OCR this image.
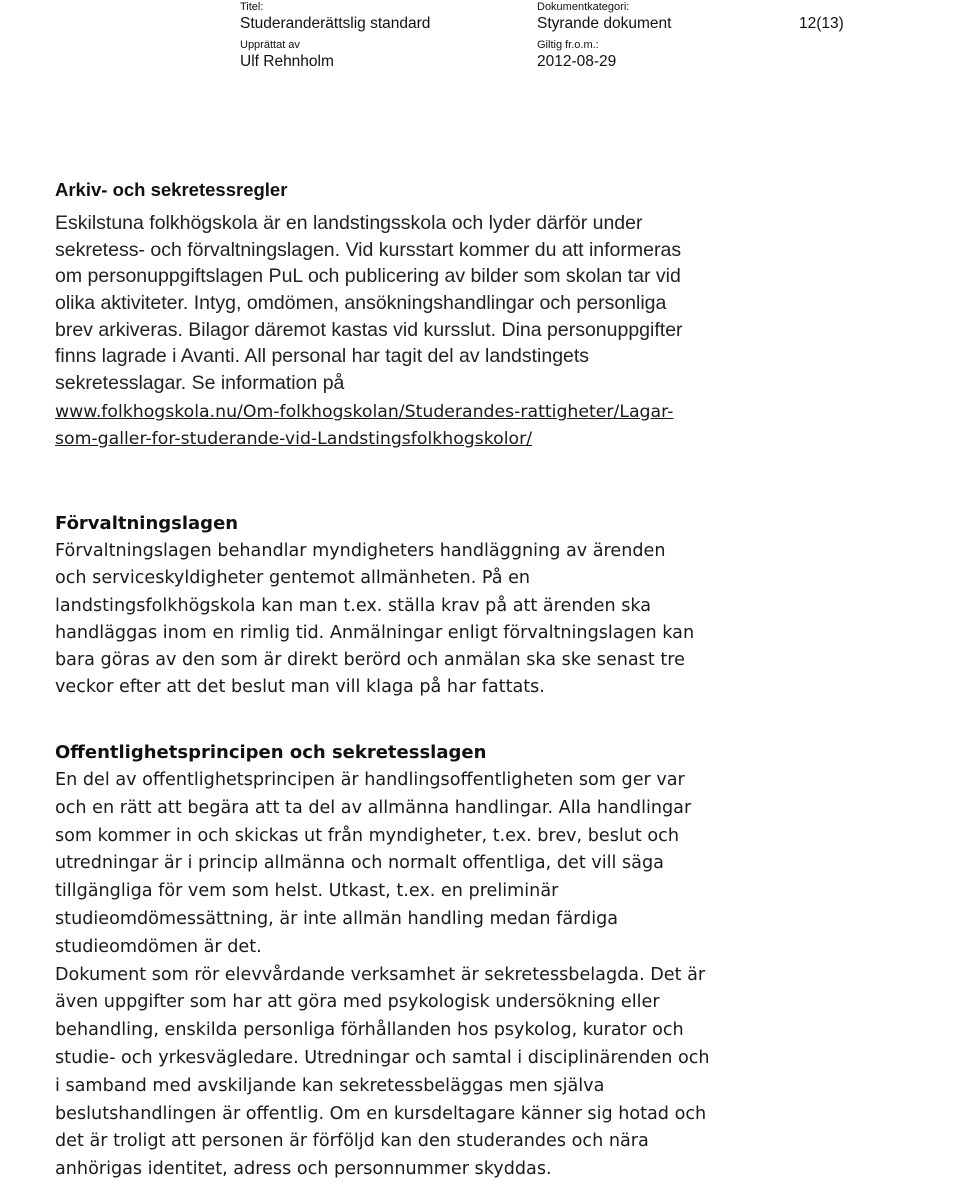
Titel:
Studeranderättslig standard
Dokumentkategori:
Styrande dokument	12(13)
Upprättat av
Ulf Rehnholm
Giltig fr.o.m.:
2012-08-29
Arkiv- och sekretessregler
Eskilstuna folkhögskola är en landstingsskola och lyder därför under
sekretess- och förvaltningslagen. Vid kursstart kommer du att informeras
om personuppgiftslagen PuL och publicering av bilder som skolan tar vid
olika aktiviteter. Intyg, omdömen, ansökningshandlingar och personliga
brev arkiveras. Bilagor däremot kastas vid kursslut. Dina personuppgifter
finns lagrade i Avanti. All personal har tagit del av landstingets
sekretesslagar. Se information på
www.folkhogskola.nu/Om-folkhogskolan/Studerandes-rattigheter/Lagar-
som-galler-for-studerande-vid-Landstingsfolkhogskolor/
Förvaltningslagen
Förvaltningslagen behandlar myndigheters handläggning av ärenden
och serviceskyldigheter gentemot allmänheten. På en
landstingsfolkhögskola kan man t.ex. ställa krav på att ärenden ska
handläggas inom en rimlig tid. Anmälningar enligt förvaltningslagen kan
bara göras av den som är direkt berörd och anmälan ska ske senast tre
veckor efter att det beslut man vill klaga på har fattats.
Offentlighetsprincipen och sekretesslagen
En del av offentlighetsprincipen är handlingsoffentligheten som ger var
och en rätt att begära att ta del av allmänna handlingar. Alla handlingar
som kommer in och skickas ut från myndigheter, t.ex. brev, beslut och
utredningar är i princip allmänna och normalt offentliga, det vill säga
tillgängliga för vem som helst. Utkast, t.ex. en preliminär
studieomdömessättning, är inte allmän handling medan färdiga
studieomdömen är det.
Dokument som rör elevvårdande verksamhet är sekretessbelagda. Det är
även uppgifter som har att göra med psykologisk undersökning eller
behandling, enskilda personliga förhållanden hos psykolog, kurator och
studie- och yrkesvägledare. Utredningar och samtal i disciplinärenden och
i samband med avskiljande kan sekretessbeläggas men själva
beslutshandlingen är offentlig. Om en kursdeltagare känner sig hotad och
det är troligt att personen är förföljd kan den studerandes och nära
anhörigas identitet, adress och personnummer skyddas.
